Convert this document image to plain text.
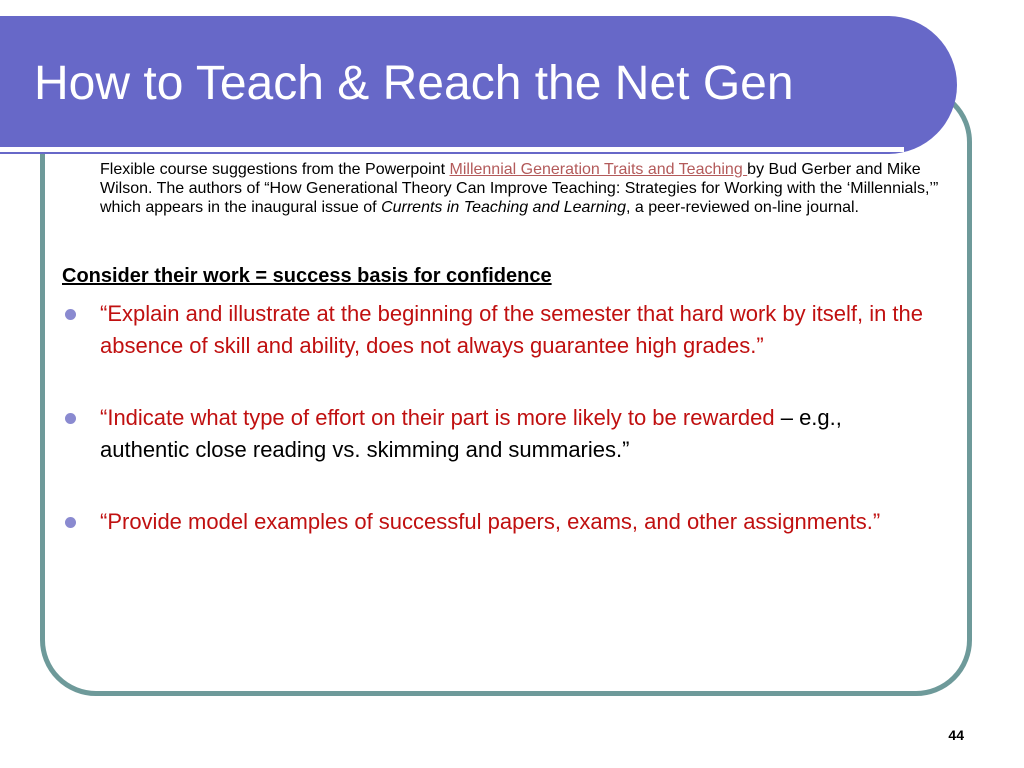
How to Teach & Reach the Net Gen

Flexible course suggestions from the Powerpoint Millennial Generation Traits and Teaching by Bud Gerber and Mike Wilson. The authors of “How Generational Theory Can Improve Teaching: Strategies for Working with the ‘Millennials,’” which appears in the inaugural issue of Currents in Teaching and Learning, a peer-reviewed on-line journal.

Consider their work = success basis for confidence
“Explain and illustrate at the beginning of the semester that hard work by itself, in the absence of skill and ability, does not always guarantee high grades.”
“Indicate what type of effort on their part is more likely to be rewarded – e.g., authentic close reading vs. skimming and summaries.”
“Provide model examples of successful papers, exams, and other assignments.”
44
